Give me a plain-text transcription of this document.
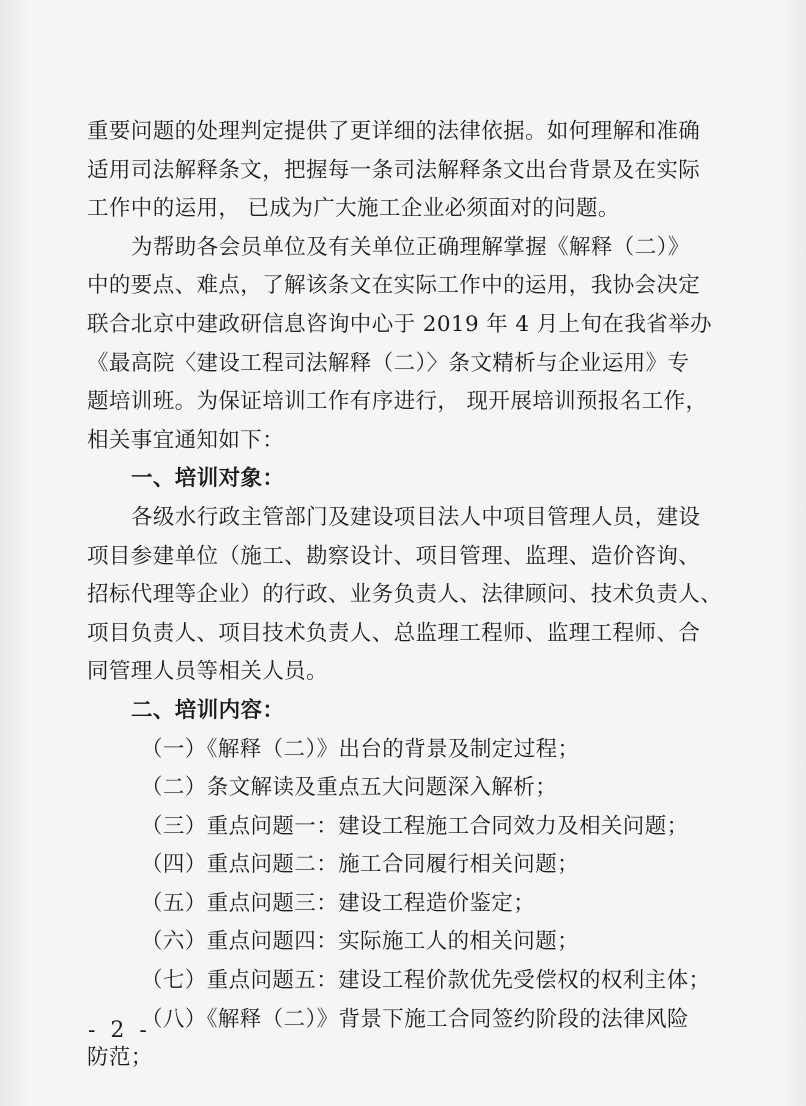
重要问题的处理判定提供了更详细的法律依据。如何理解和准确
适用司法解释条文，把握每一条司法解释条文出台背景及在实际
工作中的运用， 已成为广大施工企业必须面对的问题。
为帮助各会员单位及有关单位正确理解掌握《解释（二）》
中的要点、难点，了解该条文在实际工作中的运用，我协会决定
联合北京中建政研信息咨询中心于 2019 年 4 月上旬在我省举办
《最高院〈建设工程司法解释（二）〉条文精析与企业运用》专
题培训班。为保证培训工作有序进行， 现开展培训预报名工作，
相关事宜通知如下：
一、培训对象：
各级水行政主管部门及建设项目法人中项目管理人员，建设
项目参建单位（施工、勘察设计、项目管理、监理、造价咨询、
招标代理等企业）的行政、业务负责人、法律顾问、技术负责人、
项目负责人、项目技术负责人、总监理工程师、监理工程师、合
同管理人员等相关人员。
二、培训内容：
（一）《解释（二）》出台的背景及制定过程；
（二）条文解读及重点五大问题深入解析；
（三）重点问题一：建设工程施工合同效力及相关问题；
（四）重点问题二：施工合同履行相关问题；
（五）重点问题三：建设工程造价鉴定；
（六）重点问题四：实际施工人的相关问题；
（七）重点问题五：建设工程价款优先受偿权的权利主体；
（八）《解释（二）》背景下施工合同签约阶段的法律风险
防范；
- 2 -
